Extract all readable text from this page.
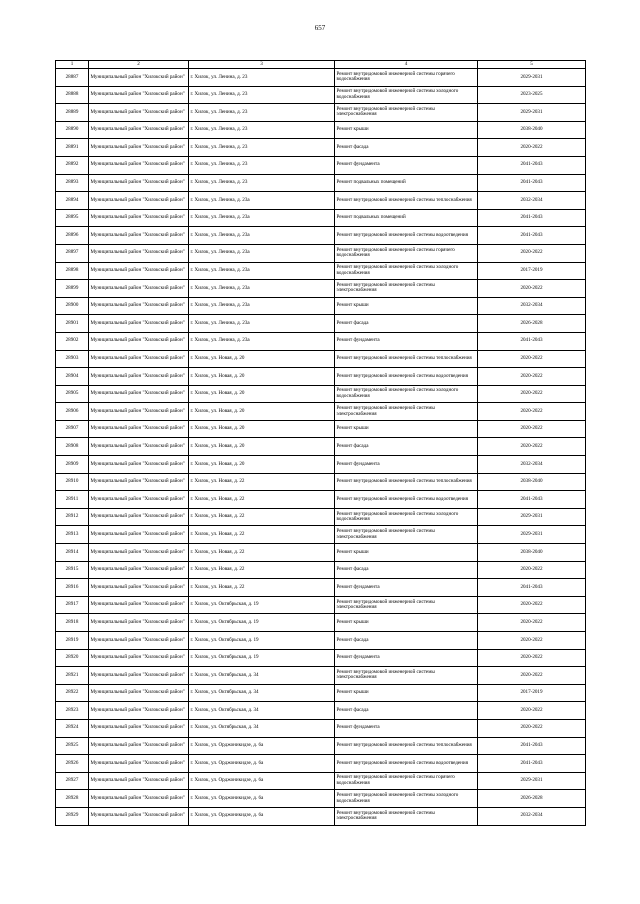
657
1	2	3	4	5
28887	Муниципальный район "Хилокский район"	г. Хилок, ул. Ленина, д. 23	Ремонт внутридомовой инженерной системы горячего водоснабжения	2029-2031
28888	Муниципальный район "Хилокский район"	г. Хилок, ул. Ленина, д. 23	Ремонт внутридомовой инженерной системы холодного водоснабжения	2023-2025
28889	Муниципальный район "Хилокский район"	г. Хилок, ул. Ленина, д. 23	Ремонт внутридомовой инженерной системы электроснабжения	2029-2031
28890	Муниципальный район "Хилокский район"	г. Хилок, ул. Ленина, д. 23	Ремонт крыши	2038-2040
28891	Муниципальный район "Хилокский район"	г. Хилок, ул. Ленина, д. 23	Ремонт фасада	2020-2022
28892	Муниципальный район "Хилокский район"	г. Хилок, ул. Ленина, д. 23	Ремонт фундамента	2041-2043
28893	Муниципальный район "Хилокский район"	г. Хилок, ул. Ленина, д. 23	Ремонт подвальных помещений	2041-2043
28894	Муниципальный район "Хилокский район"	г. Хилок, ул. Ленина, д. 23а	Ремонт внутридомовой инженерной системы теплоснабжения	2032-2034
28895	Муниципальный район "Хилокский район"	г. Хилок, ул. Ленина, д. 23а	Ремонт подвальных помещений	2041-2043
28896	Муниципальный район "Хилокский район"	г. Хилок, ул. Ленина, д. 23а	Ремонт внутридомовой инженерной системы водоотведения	2041-2043
28897	Муниципальный район "Хилокский район"	г. Хилок, ул. Ленина, д. 23а	Ремонт внутридомовой инженерной системы горячего водоснабжения	2020-2022
28898	Муниципальный район "Хилокский район"	г. Хилок, ул. Ленина, д. 23а	Ремонт внутридомовой инженерной системы холодного водоснабжения	2017-2019
28899	Муниципальный район "Хилокский район"	г. Хилок, ул. Ленина, д. 23а	Ремонт внутридомовой инженерной системы электроснабжения	2020-2022
28900	Муниципальный район "Хилокский район"	г. Хилок, ул. Ленина, д. 23а	Ремонт крыши	2032-2034
28901	Муниципальный район "Хилокский район"	г. Хилок, ул. Ленина, д. 23а	Ремонт фасада	2026-2028
28902	Муниципальный район "Хилокский район"	г. Хилок, ул. Ленина, д. 23а	Ремонт фундамента	2041-2043
28903	Муниципальный район "Хилокский район"	г. Хилок, ул. Новая, д. 20	Ремонт внутридомовой инженерной системы теплоснабжения	2020-2022
28904	Муниципальный район "Хилокский район"	г. Хилок, ул. Новая, д. 20	Ремонт внутридомовой инженерной системы водоотведения	2020-2022
28905	Муниципальный район "Хилокский район"	г. Хилок, ул. Новая, д. 20	Ремонт внутридомовой инженерной системы холодного водоснабжения	2020-2022
28906	Муниципальный район "Хилокский район"	г. Хилок, ул. Новая, д. 20	Ремонт внутридомовой инженерной системы электроснабжения	2020-2022
28907	Муниципальный район "Хилокский район"	г. Хилок, ул. Новая, д. 20	Ремонт крыши	2020-2022
28908	Муниципальный район "Хилокский район"	г. Хилок, ул. Новая, д. 20	Ремонт фасада	2020-2022
28909	Муниципальный район "Хилокский район"	г. Хилок, ул. Новая, д. 20	Ремонт фундамента	2032-2034
28910	Муниципальный район "Хилокский район"	г. Хилок, ул. Новая, д. 22	Ремонт внутридомовой инженерной системы теплоснабжения	2038-2040
28911	Муниципальный район "Хилокский район"	г. Хилок, ул. Новая, д. 22	Ремонт внутридомовой инженерной системы водоотведения	2041-2043
28912	Муниципальный район "Хилокский район"	г. Хилок, ул. Новая, д. 22	Ремонт внутридомовой инженерной системы холодного водоснабжения	2029-2031
28913	Муниципальный район "Хилокский район"	г. Хилок, ул. Новая, д. 22	Ремонт внутридомовой инженерной системы электроснабжения	2029-2031
28914	Муниципальный район "Хилокский район"	г. Хилок, ул. Новая, д. 22	Ремонт крыши	2038-2040
28915	Муниципальный район "Хилокский район"	г. Хилок, ул. Новая, д. 22	Ремонт фасада	2020-2022
28916	Муниципальный район "Хилокский район"	г. Хилок, ул. Новая, д. 22	Ремонт фундамента	2041-2043
28917	Муниципальный район "Хилокский район"	г. Хилок, ул. Октябрьская, д. 19	Ремонт внутридомовой инженерной системы электроснабжения	2020-2022
28918	Муниципальный район "Хилокский район"	г. Хилок, ул. Октябрьская, д. 19	Ремонт крыши	2020-2022
28919	Муниципальный район "Хилокский район"	г. Хилок, ул. Октябрьская, д. 19	Ремонт фасада	2020-2022
28920	Муниципальный район "Хилокский район"	г. Хилок, ул. Октябрьская, д. 19	Ремонт фундамента	2020-2022
28921	Муниципальный район "Хилокский район"	г. Хилок, ул. Октябрьская, д. 34	Ремонт внутридомовой инженерной системы электроснабжения	2020-2022
28922	Муниципальный район "Хилокский район"	г. Хилок, ул. Октябрьская, д. 34	Ремонт крыши	2017-2019
28923	Муниципальный район "Хилокский район"	г. Хилок, ул. Октябрьская, д. 34	Ремонт фасада	2020-2022
28924	Муниципальный район "Хилокский район"	г. Хилок, ул. Октябрьская, д. 34	Ремонт фундамента	2020-2022
28925	Муниципальный район "Хилокский район"	г. Хилок, ул. Орджоникидзе, д. 6а	Ремонт внутридомовой инженерной системы теплоснабжения	2041-2043
28926	Муниципальный район "Хилокский район"	г. Хилок, ул. Орджоникидзе, д. 6а	Ремонт внутридомовой инженерной системы водоотведения	2041-2043
28927	Муниципальный район "Хилокский район"	г. Хилок, ул. Орджоникидзе, д. 6а	Ремонт внутридомовой инженерной системы горячего водоснабжения	2029-2031
28928	Муниципальный район "Хилокский район"	г. Хилок, ул. Орджоникидзе, д. 6а	Ремонт внутридомовой инженерной системы холодного водоснабжения	2026-2028
28929	Муниципальный район "Хилокский район"	г. Хилок, ул. Орджоникидзе, д. 6а	Ремонт внутридомовой инженерной системы электроснабжения	2032-2034
